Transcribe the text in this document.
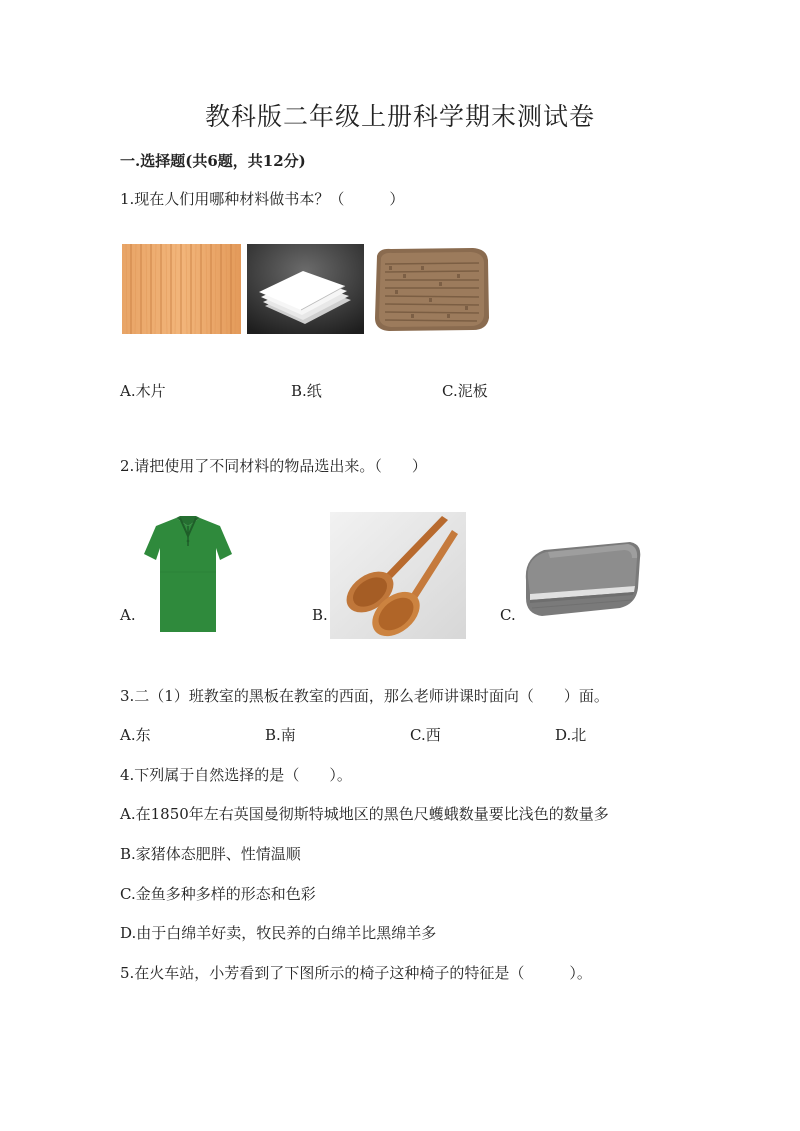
教科版二年级上册科学期末测试卷
一.选择题(共6题，共12分)
1.现在人们用哪种材料做书本？（　　　）
A.木片	B.纸	C.泥板
2.请把使用了不同材料的物品选出来。（　　）
A.	B.	C.
3.二（1）班教室的黑板在教室的西面，那么老师讲课时面向（　　）面。
A.东	B.南	C.西	D.北
4.下列属于自然选择的是（　　）。
A.在1850年左右英国曼彻斯特城地区的黑色尺蠖蛾数量要比浅色的数量多
B.家猪体态肥胖、性情温顺
C.金鱼多种多样的形态和色彩
D.由于白绵羊好卖，牧民养的白绵羊比黑绵羊多
5.在火车站，小芳看到了下图所示的椅子这种椅子的特征是（　　　）。
